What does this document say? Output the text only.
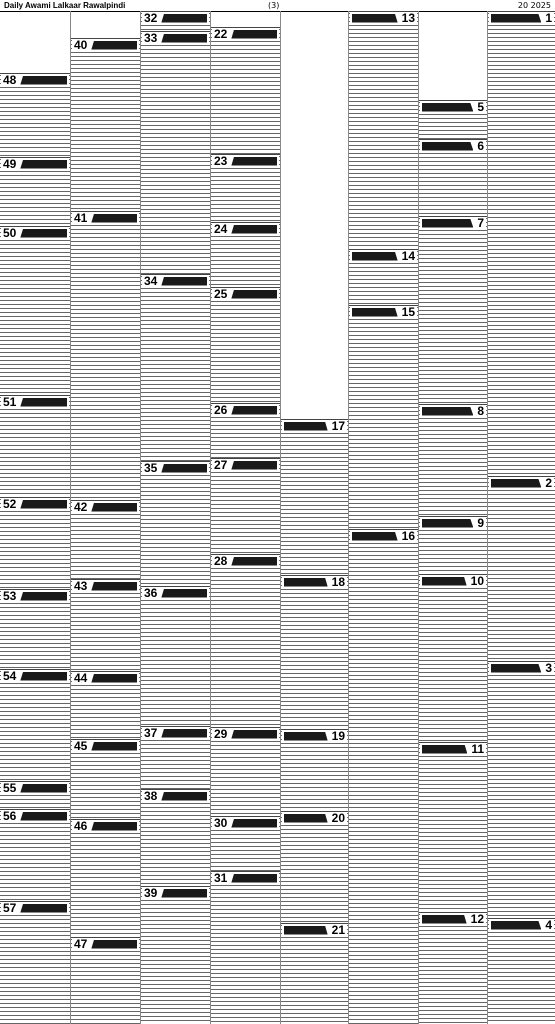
Daily Awami Lalkaar Rawalpindi	(3)	20 2025
48
49
50
51
52
53
54
55
56
57
40
41
42
43
44
45
46
47
32
33
34
35
36
37
38
39
22
23
24
25
26
27
28
29
30
31
17
18
19
20
21
13
14
15
16
5
6
7
8
9
10
11
12
1
2
3
4
